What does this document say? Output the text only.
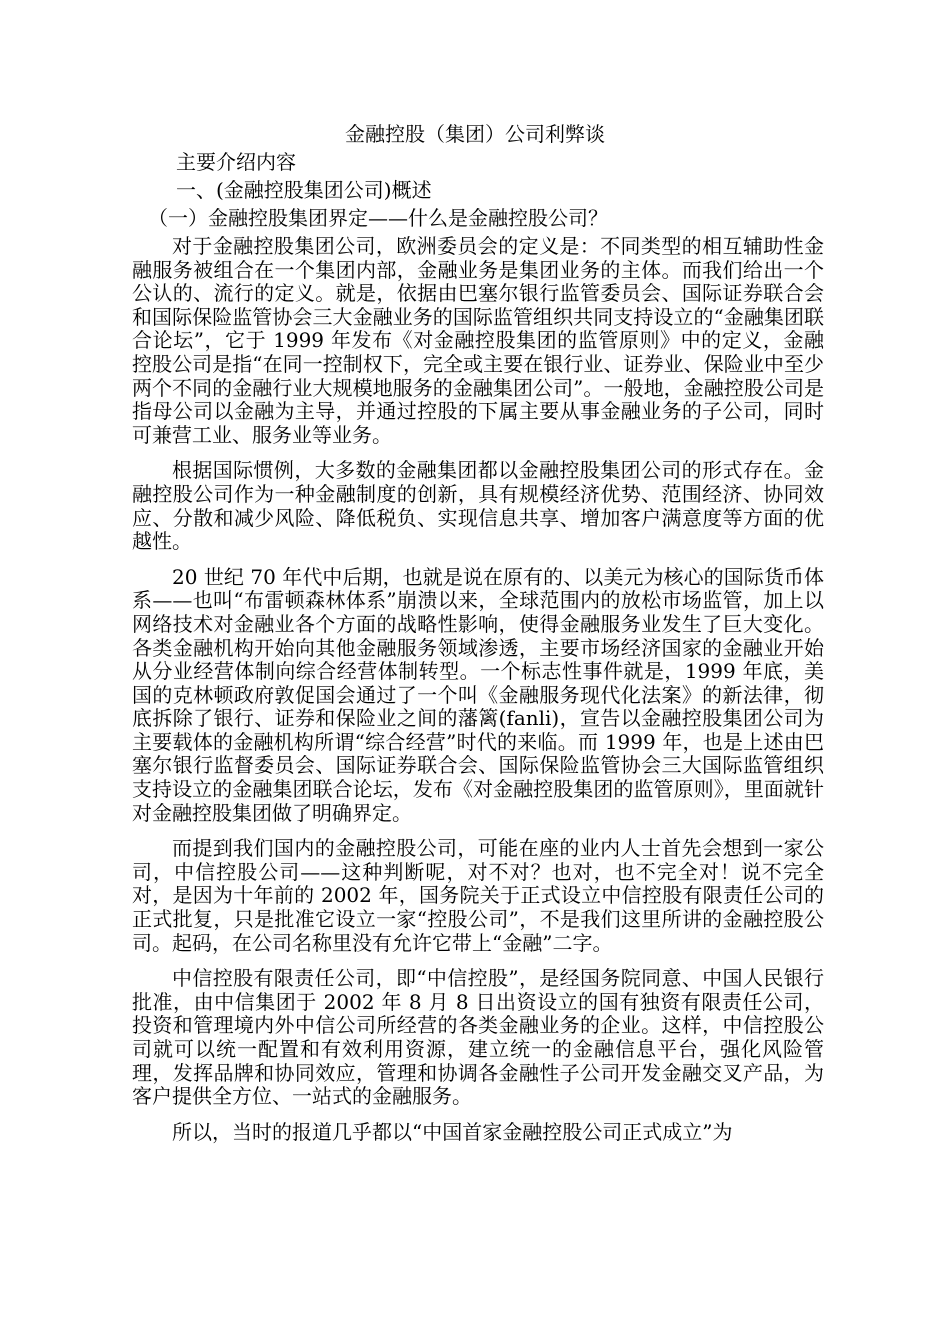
金融控股（集团）公司利弊谈

主要介绍内容

一、(金融控股集团公司)概述

（一）金融控股集团界定——什么是金融控股公司？

对于金融控股集团公司，欧洲委员会的定义是：不同类型的相互辅助性金融服务被组合在一个集团内部，金融业务是集团业务的主体。而我们给出一个公认的、流行的定义。就是，依据由巴塞尔银行监管委员会、国际证券联合会和国际保险监管协会三大金融业务的国际监管组织共同支持设立的“金融集团联合论坛”，它于 1999 年发布《对金融控股集团的监管原则》中的定义，金融控股公司是指“在同一控制权下，完全或主要在银行业、证券业、保险业中至少两个不同的金融行业大规模地服务的金融集团公司”。一般地，金融控股公司是指母公司以金融为主导，并通过控股的下属主要从事金融业务的子公司，同时可兼营工业、服务业等业务。

根据国际惯例，大多数的金融集团都以金融控股集团公司的形式存在。金融控股公司作为一种金融制度的创新，具有规模经济优势、范围经济、协同效应、分散和减少风险、降低税负、实现信息共享、增加客户满意度等方面的优越性。

20 世纪 70 年代中后期，也就是说在原有的、以美元为核心的国际货币体系——也叫“布雷顿森林体系”崩溃以来，全球范围内的放松市场监管，加上以网络技术对金融业各个方面的战略性影响，使得金融服务业发生了巨大变化。各类金融机构开始向其他金融服务领域渗透，主要市场经济国家的金融业开始从分业经营体制向综合经营体制转型。一个标志性事件就是，1999 年底，美国的克林顿政府敦促国会通过了一个叫《金融服务现代化法案》的新法律，彻底拆除了银行、证券和保险业之间的藩篱(fanli)，宣告以金融控股集团公司为主要载体的金融机构所谓“综合经营”时代的来临。而 1999 年，也是上述由巴塞尔银行监督委员会、国际证券联合会、国际保险监管协会三大国际监管组织支持设立的金融集团联合论坛，发布《对金融控股集团的监管原则》，里面就针对金融控股集团做了明确界定。

而提到我们国内的金融控股公司，可能在座的业内人士首先会想到一家公司，中信控股公司——这种判断呢，对不对？也对，也不完全对！说不完全对，是因为十年前的 2002 年，国务院关于正式设立中信控股有限责任公司的正式批复，只是批准它设立一家“控股公司”，不是我们这里所讲的金融控股公司。起码，在公司名称里没有允许它带上“金融”二字。

中信控股有限责任公司，即“中信控股”，是经国务院同意、中国人民银行批准，由中信集团于 2002 年 8 月 8 日出资设立的国有独资有限责任公司，投资和管理境内外中信公司所经营的各类金融业务的企业。这样，中信控股公司就可以统一配置和有效利用资源，建立统一的金融信息平台，强化风险管理，发挥品牌和协同效应，管理和协调各金融性子公司开发金融交叉产品，为客户提供全方位、一站式的金融服务。

所以，当时的报道几乎都以“中国首家金融控股公司正式成立”为
